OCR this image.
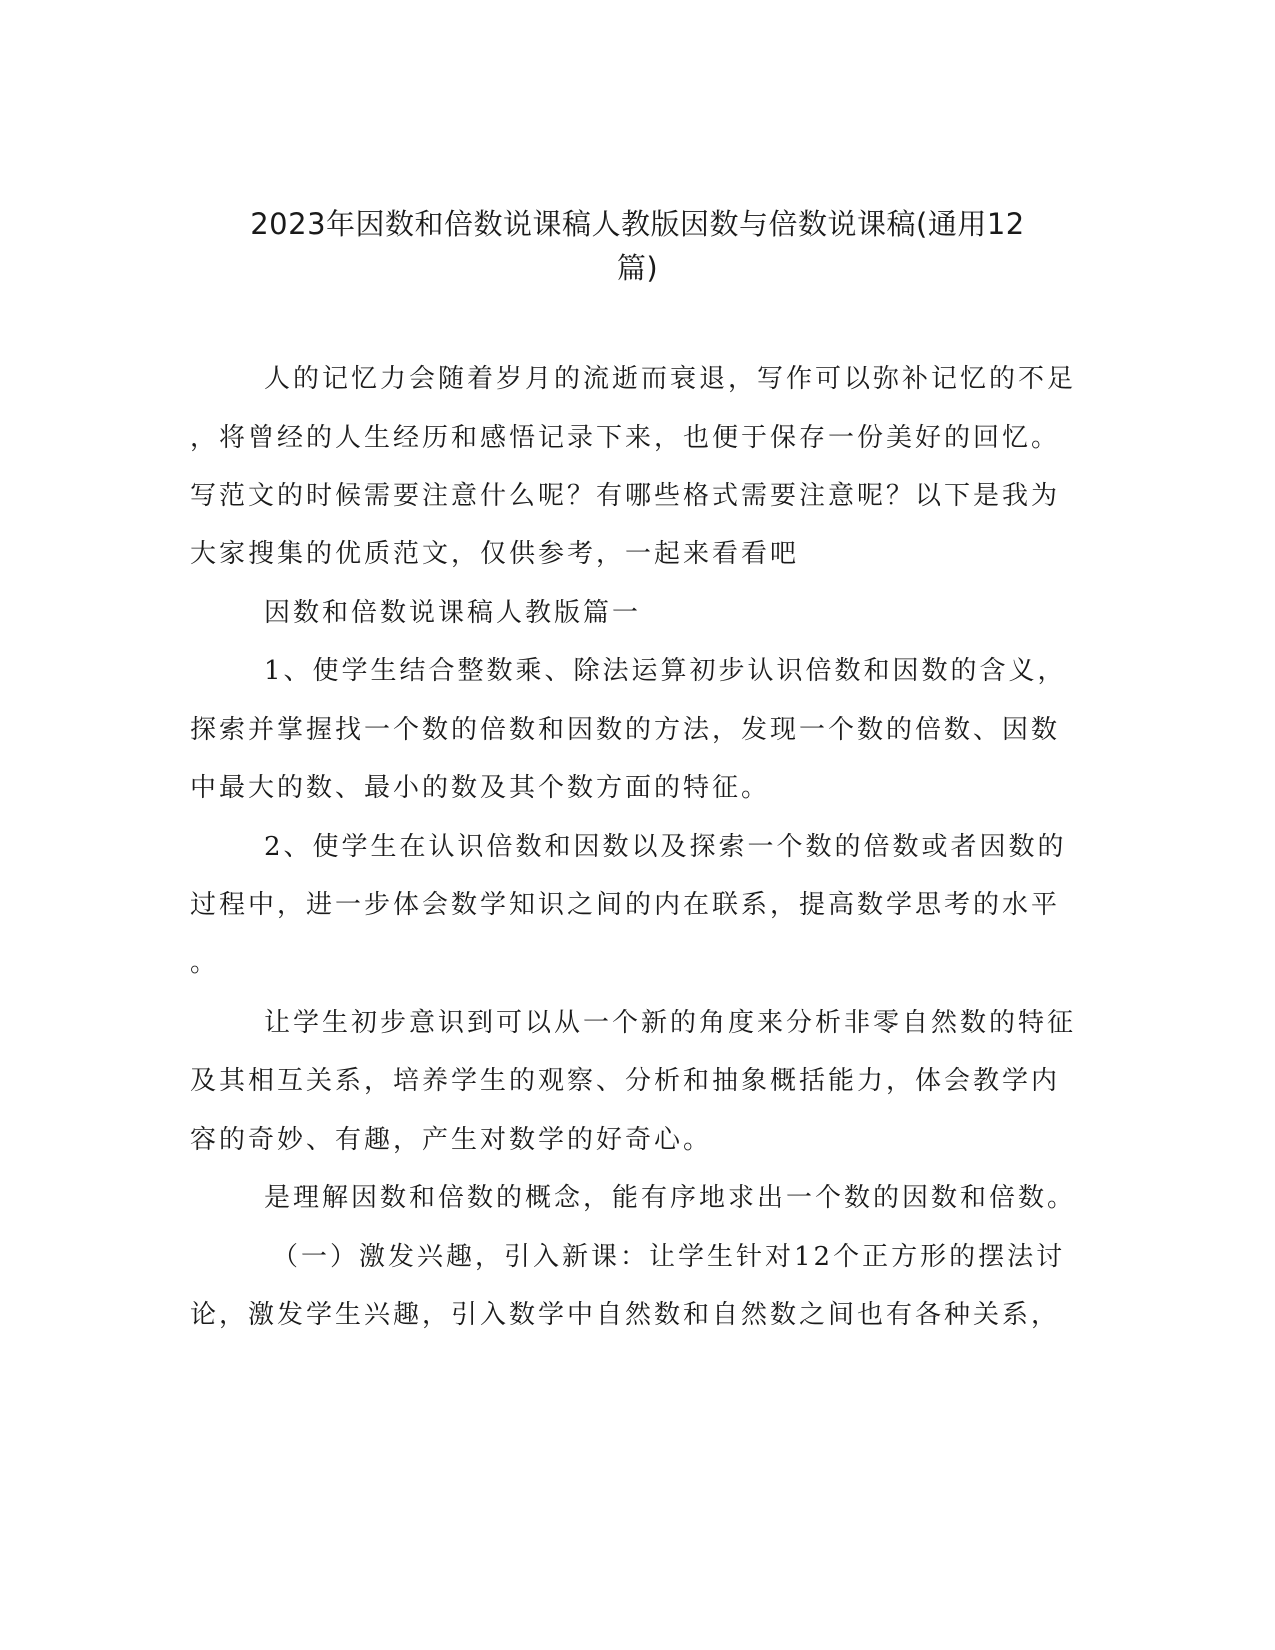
2023年因数和倍数说课稿人教版因数与倍数说课稿(通用12
篇)

人的记忆力会随着岁月的流逝而衰退，写作可以弥补记忆的不足

，将曾经的人生经历和感悟记录下来，也便于保存一份美好的回忆。

写范文的时候需要注意什么呢？有哪些格式需要注意呢？以下是我为

大家搜集的优质范文，仅供参考，一起来看看吧

因数和倍数说课稿人教版篇一

1、使学生结合整数乘、除法运算初步认识倍数和因数的含义，

探索并掌握找一个数的倍数和因数的方法，发现一个数的倍数、因数

中最大的数、最小的数及其个数方面的特征。

2、使学生在认识倍数和因数以及探索一个数的倍数或者因数的

过程中，进一步体会数学知识之间的内在联系，提高数学思考的水平

。

让学生初步意识到可以从一个新的角度来分析非零自然数的特征

及其相互关系，培养学生的观察、分析和抽象概括能力，体会教学内

容的奇妙、有趣，产生对数学的好奇心。

是理解因数和倍数的概念，能有序地求出一个数的因数和倍数。

（一）激发兴趣，引入新课：让学生针对12个正方形的摆法讨

论，激发学生兴趣，引入数学中自然数和自然数之间也有各种关系，
